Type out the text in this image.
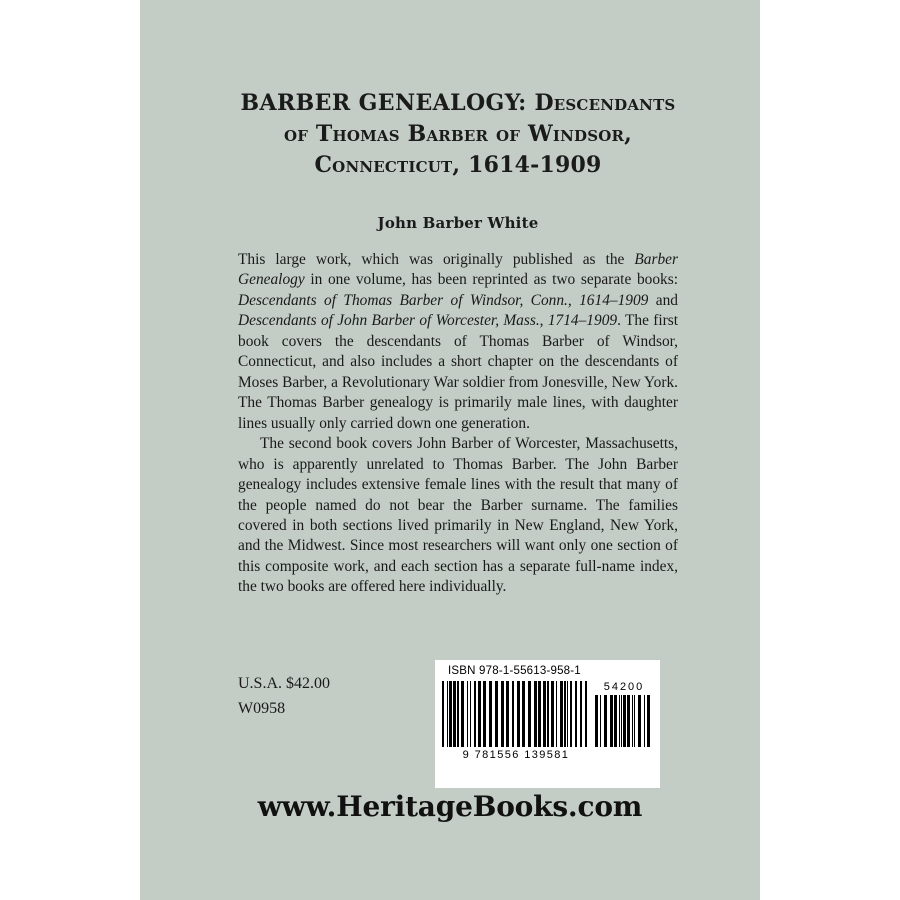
BARBER GENEALOGY: Descendants
of Thomas Barber of Windsor,
Connecticut, 1614-1909
John Barber White

This large work, which was originally published as the Barber Genealogy in one volume, has been reprinted as two separate books: Descendants of Thomas Barber of Windsor, Conn., 1614–1909 and Descendants of John Barber of Worcester, Mass., 1714–1909. The first book covers the descendants of Thomas Barber of Windsor, Connecticut, and also includes a short chapter on the descendants of Moses Barber, a Revolutionary War soldier from Jonesville, New York. The Thomas Barber genealogy is primarily male lines, with daughter lines usually only carried down one generation.

The second book covers John Barber of Worcester, Massachusetts, who is apparently unrelated to Thomas Barber. The John Barber genealogy includes extensive female lines with the result that many of the people named do not bear the Barber surname. The families covered in both sections lived primarily in New England, New York, and the Midwest. Since most researchers will want only one section of this composite work, and each section has a separate full-name index, the two books are offered here individually.

U.S.A. $42.00
W0958
ISBN 978-1-55613-958-1
9 781556 139581
54200
www.HeritageBooks.com
